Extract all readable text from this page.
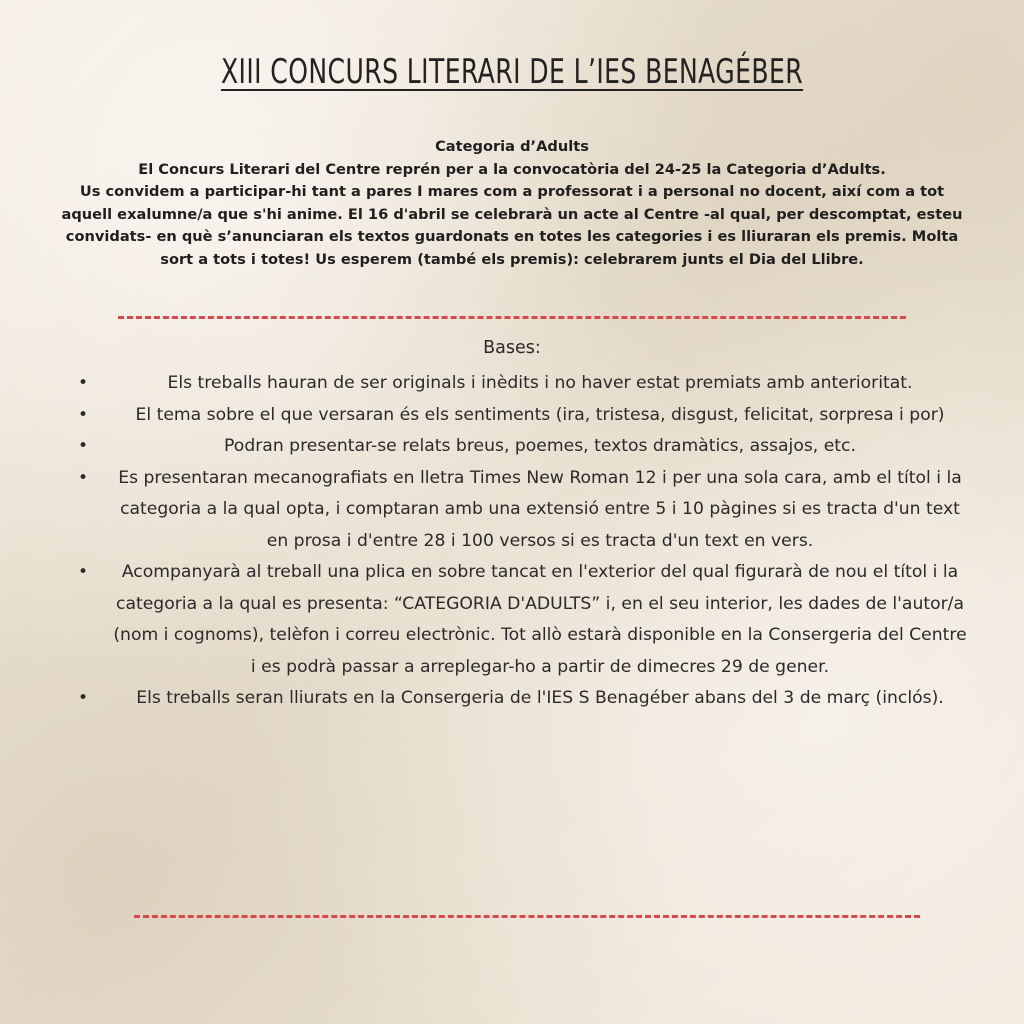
XIII CONCURS LITERARI DE L’IES BENAGÉBER

Categoria d’Adults

El Concurs Literari del Centre reprén per a la convocatòria del 24-25 la Categoria d’Adults.

Us convidem a participar-hi tant a pares I mares com a professorat i a personal no docent, així com a tot aquell exalumne/a que s'hi anime. El 16 d'abril se celebrarà un acte al Centre -al qual, per descomptat, esteu convidats- en què s’anunciaran els textos guardonats en totes les categories i es lliuraran els premis. Molta sort a tots i totes! Us esperem (també els premis): celebrarem junts el Dia del Llibre.

Bases:
•	Els treballs hauran de ser originals i inèdits i no haver estat premiats amb anterioritat.
•	El tema sobre el que versaran és els sentiments (ira, tristesa, disgust, felicitat, sorpresa i por)
•	Podran presentar-se relats breus, poemes, textos dramàtics, assajos, etc.
• Es presentaran mecanografiats en lletra Times New Roman 12 i per una sola cara, amb el títol i la categoria a la qual opta, i comptaran amb una extensió entre 5 i 10 pàgines si es tracta d'un text en prosa i d'entre 28 i 100 versos si es tracta d'un text en vers.
• Acompanyarà al treball una plica en sobre tancat en l'exterior del qual figurarà de nou el títol i la categoria a la qual es presenta: “CATEGORIA D'ADULTS” i, en el seu interior, les dades de l'autor/a (nom i cognoms), telèfon i correu electrònic. Tot allò estarà disponible en la Consergeria del Centre i es podrà passar a arreplegar-ho a partir de dimecres 29 de gener.
•	Els treballs seran lliurats en la Consergeria de l'IES S Benagéber abans del 3 de març (inclós).
